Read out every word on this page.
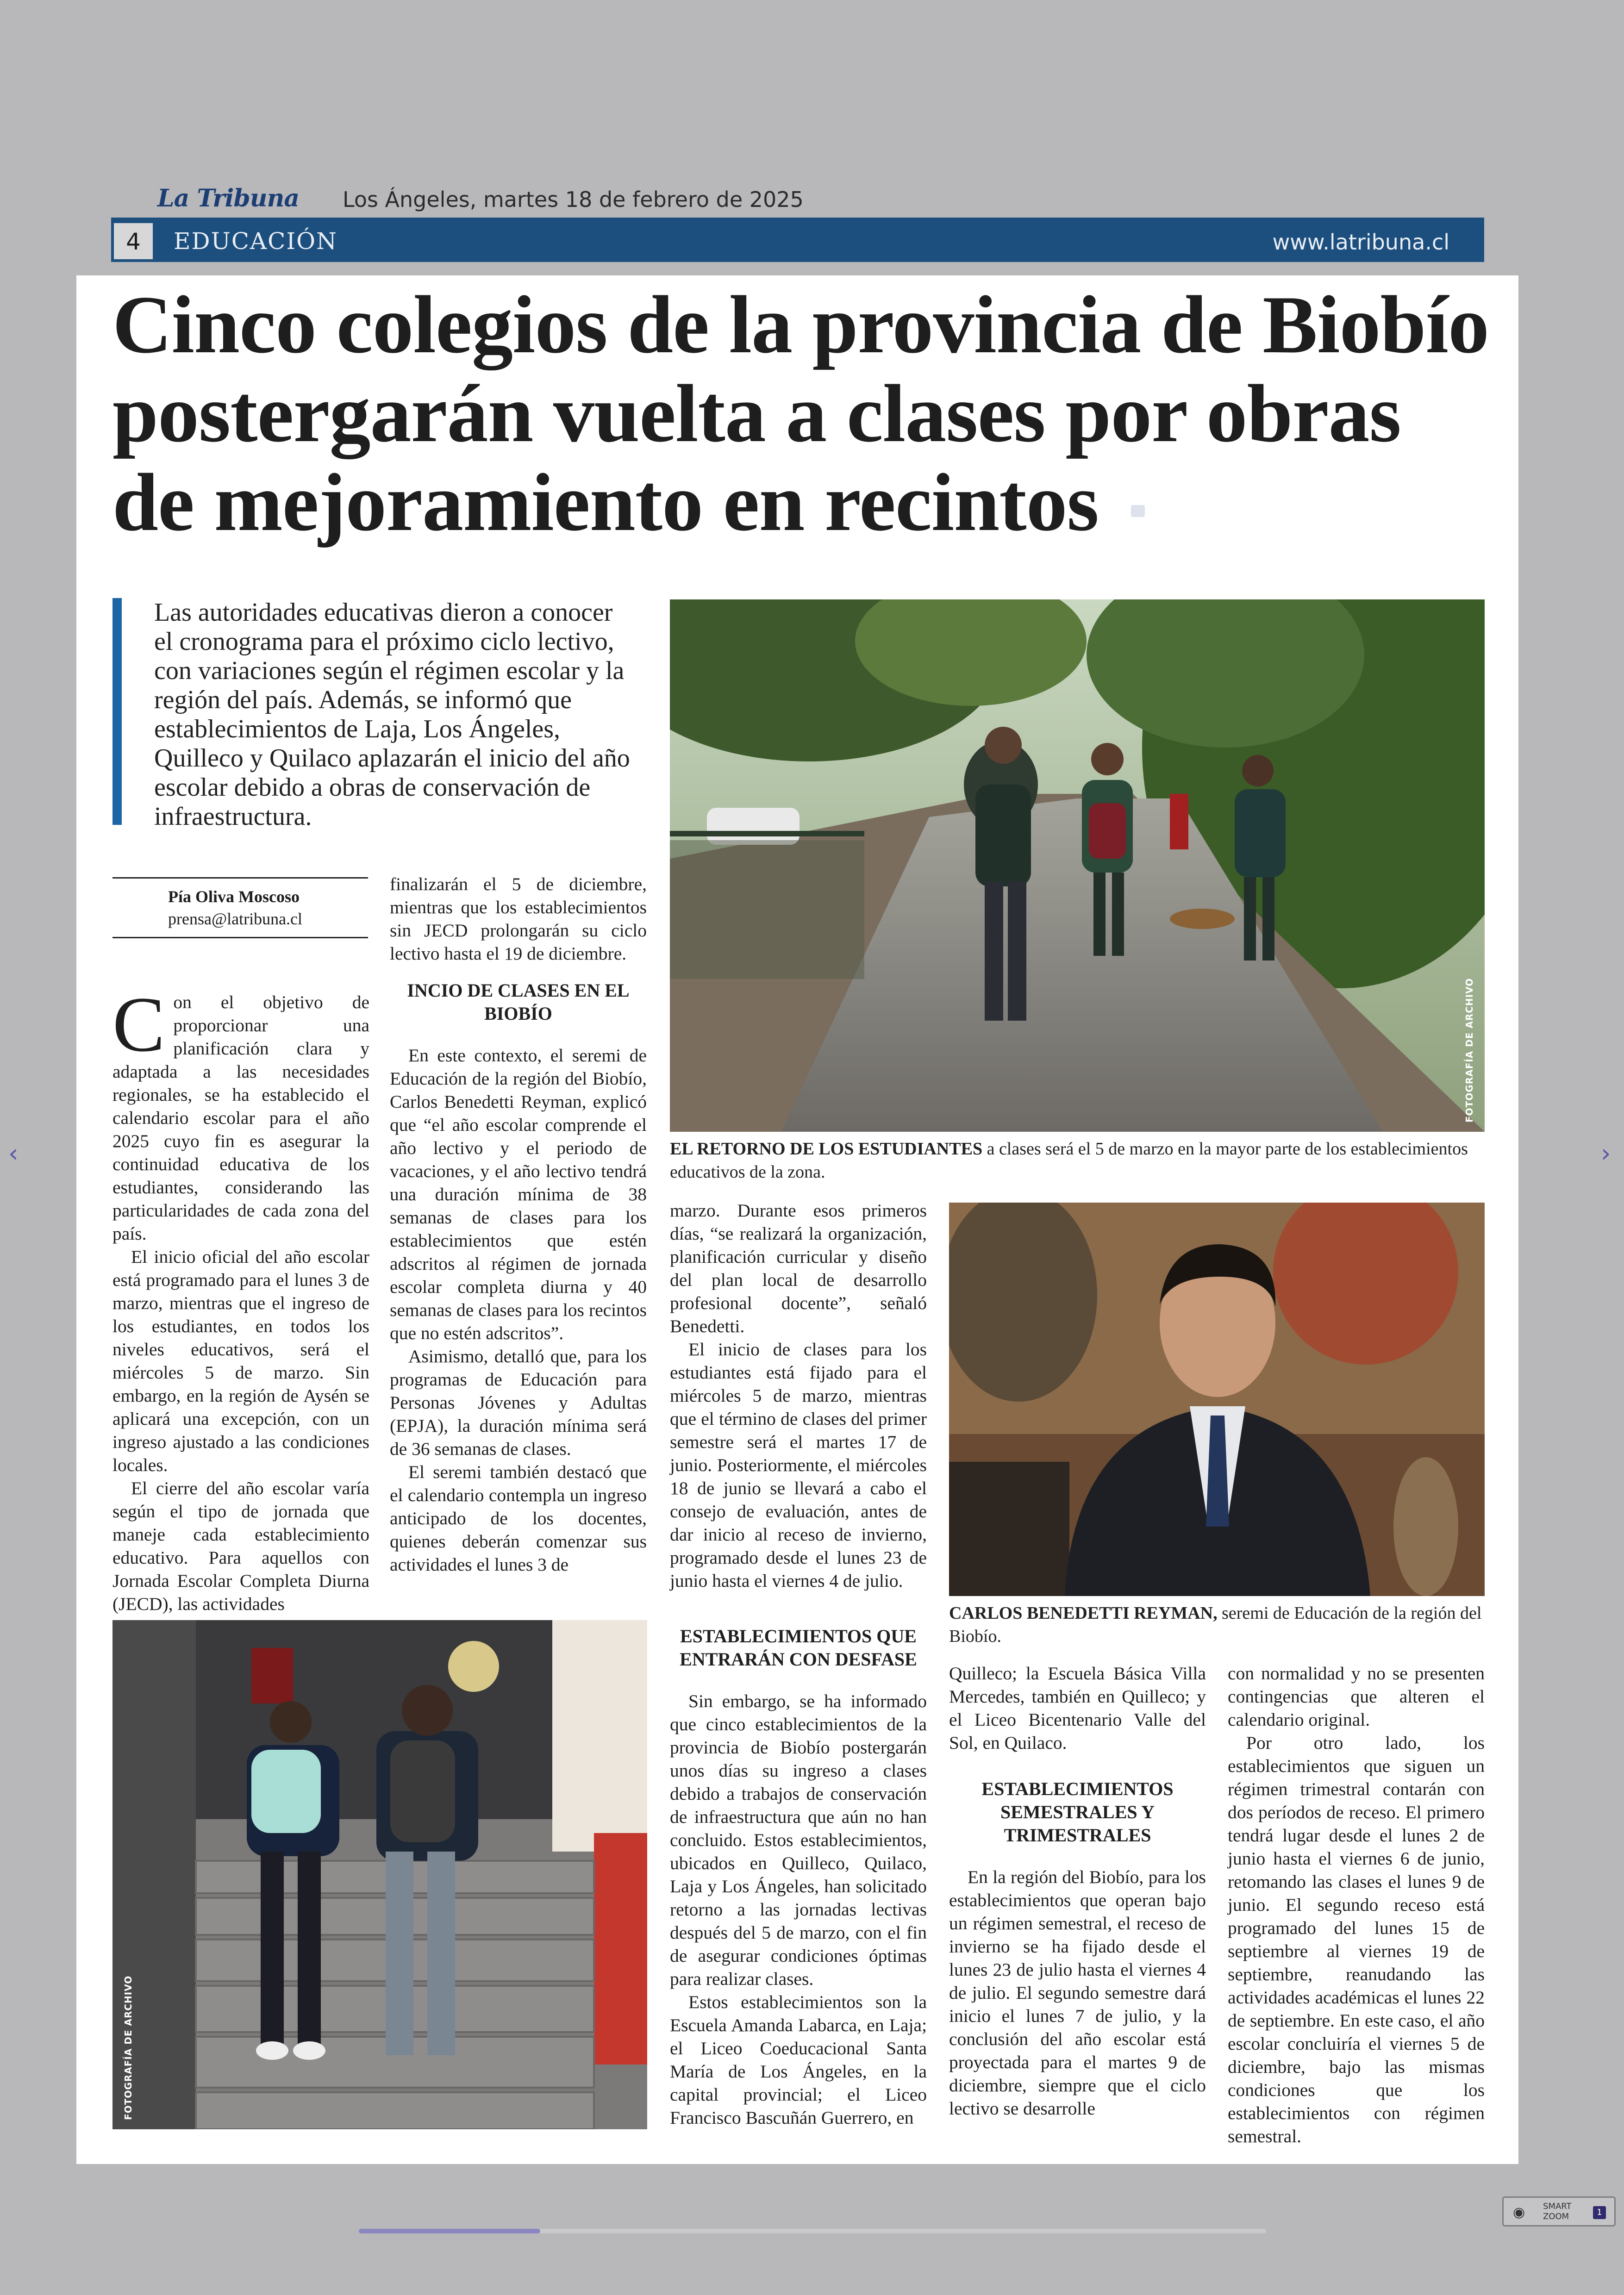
La Tribuna Los Ángeles, martes 18 de febrero de 2025
4	EDUCACIÓN	www.latribuna.cl
Cinco colegios de la provincia de Biobío postergarán vuelta a clases por obras de mejoramiento en recintos
Las autoridades educativas dieron a conocer el cronograma para el próximo ciclo lectivo, con variaciones según el régimen escolar y la región del país. Además, se informó que establecimientos de Laja, Los Ángeles, Quilleco y Quilaco aplazarán el inicio del año escolar debido a obras de conservación de infraestructura.
Pía Oliva Moscoso
prensa@latribuna.cl

Con el objetivo de proporcionar una planificación clara y adaptada a las necesidades regionales, se ha establecido el calendario escolar para el año 2025 cuyo fin es asegurar la continuidad educativa de los estudiantes, considerando las particularidades de cada zona del país.

El inicio oficial del año escolar está programado para el lunes 3 de marzo, mientras que el ingreso de los estudiantes, en todos los niveles educativos, será el miércoles 5 de marzo. Sin embargo, en la región de Aysén se aplicará una excepción, con un ingreso ajustado a las condiciones locales.

El cierre del año escolar varía según el tipo de jornada que maneje cada establecimiento educativo. Para aquellos con Jornada Escolar Completa Diurna (JECD), las actividades

finalizarán el 5 de diciembre, mientras que los establecimientos sin JECD prolongarán su ciclo lectivo hasta el 19 de diciembre.

INCIO DE CLASES EN EL BIOBÍO

En este contexto, el seremi de Educación de la región del Biobío, Carlos Benedetti Reyman, explicó que “el año escolar comprende el año lectivo y el periodo de vacaciones, y el año lectivo tendrá una duración mínima de 38 semanas de clases para los establecimientos que estén adscritos al régimen de jornada escolar completa diurna y 40 semanas de clases para los recintos que no estén adscritos”.

Asimismo, detalló que, para los programas de Educación para Personas Jóvenes y Adultas (EPJA), la duración mínima será de 36 semanas de clases.

El seremi también destacó que el calendario contempla un ingreso anticipado de los docentes, quienes deberán comenzar sus actividades el lunes 3 de

FOTOGRAFÍA DE ARCHIVO
EL RETORNO DE LOS ESTUDIANTES a clases será el 5 de marzo en la mayor parte de los establecimientos educativos de la zona.

marzo. Durante esos primeros días, “se realizará la organización, planificación curricular y diseño del plan local de desarrollo profesional docente”, señaló Benedetti.

El inicio de clases para los estudiantes está fijado para el miércoles 5 de marzo, mientras que el término de clases del primer semestre será el martes 17 de junio. Posteriormente, el miércoles 18 de junio se llevará a cabo el consejo de evaluación, antes de dar inicio al receso de invierno, programado desde el lunes 23 de junio hasta el viernes 4 de julio.

ESTABLECIMIENTOS QUE ENTRARÁN CON DESFASE

Sin embargo, se ha informado que cinco establecimientos de la provincia de Biobío postergarán unos días su ingreso a clases debido a trabajos de conservación de infraestructura que aún no han concluido. Estos establecimientos, ubicados en Quilleco, Quilaco, Laja y Los Ángeles, han solicitado retorno a las jornadas lectivas después del 5 de marzo, con el fin de asegurar condiciones óptimas para realizar clases.

Estos establecimientos son la Escuela Amanda Labarca, en Laja; el Liceo Coeducacional Santa María de Los Ángeles, en la capital provincial; el Liceo Francisco Bascuñán Guerrero, en

CARLOS BENEDETTI REYMAN, seremi de Educación de la región del Biobío.
FOTOGRAFÍA DE ARCHIVO

Quilleco; la Escuela Básica Villa Mercedes, también en Quilleco; y el Liceo Bicentenario Valle del Sol, en Quilaco.

ESTABLECIMIENTOS SEMESTRALES Y TRIMESTRALES

En la región del Biobío, para los establecimientos que operan bajo un régimen semestral, el receso de invierno se ha fijado desde el lunes 23 de julio hasta el viernes 4 de julio. El segundo semestre dará inicio el lunes 7 de julio, y la conclusión del año escolar está proyectada para el martes 9 de diciembre, siempre que el ciclo lectivo se desarrolle

con normalidad y no se presenten contingencias que alteren el calendario original.

Por otro lado, los establecimientos que siguen un régimen trimestral contarán con dos períodos de receso. El primero tendrá lugar desde el lunes 2 de junio hasta el viernes 6 de junio, retomando las clases el lunes 9 de junio. El segundo receso está programado del lunes 15 de septiembre al viernes 19 de septiembre, reanudando las actividades académicas el lunes 22 de septiembre. En este caso, el año escolar concluiría el viernes 5 de diciembre, bajo las mismas condiciones que los establecimientos con régimen semestral.

‹	›
◉ SMART
ZOOM	1
